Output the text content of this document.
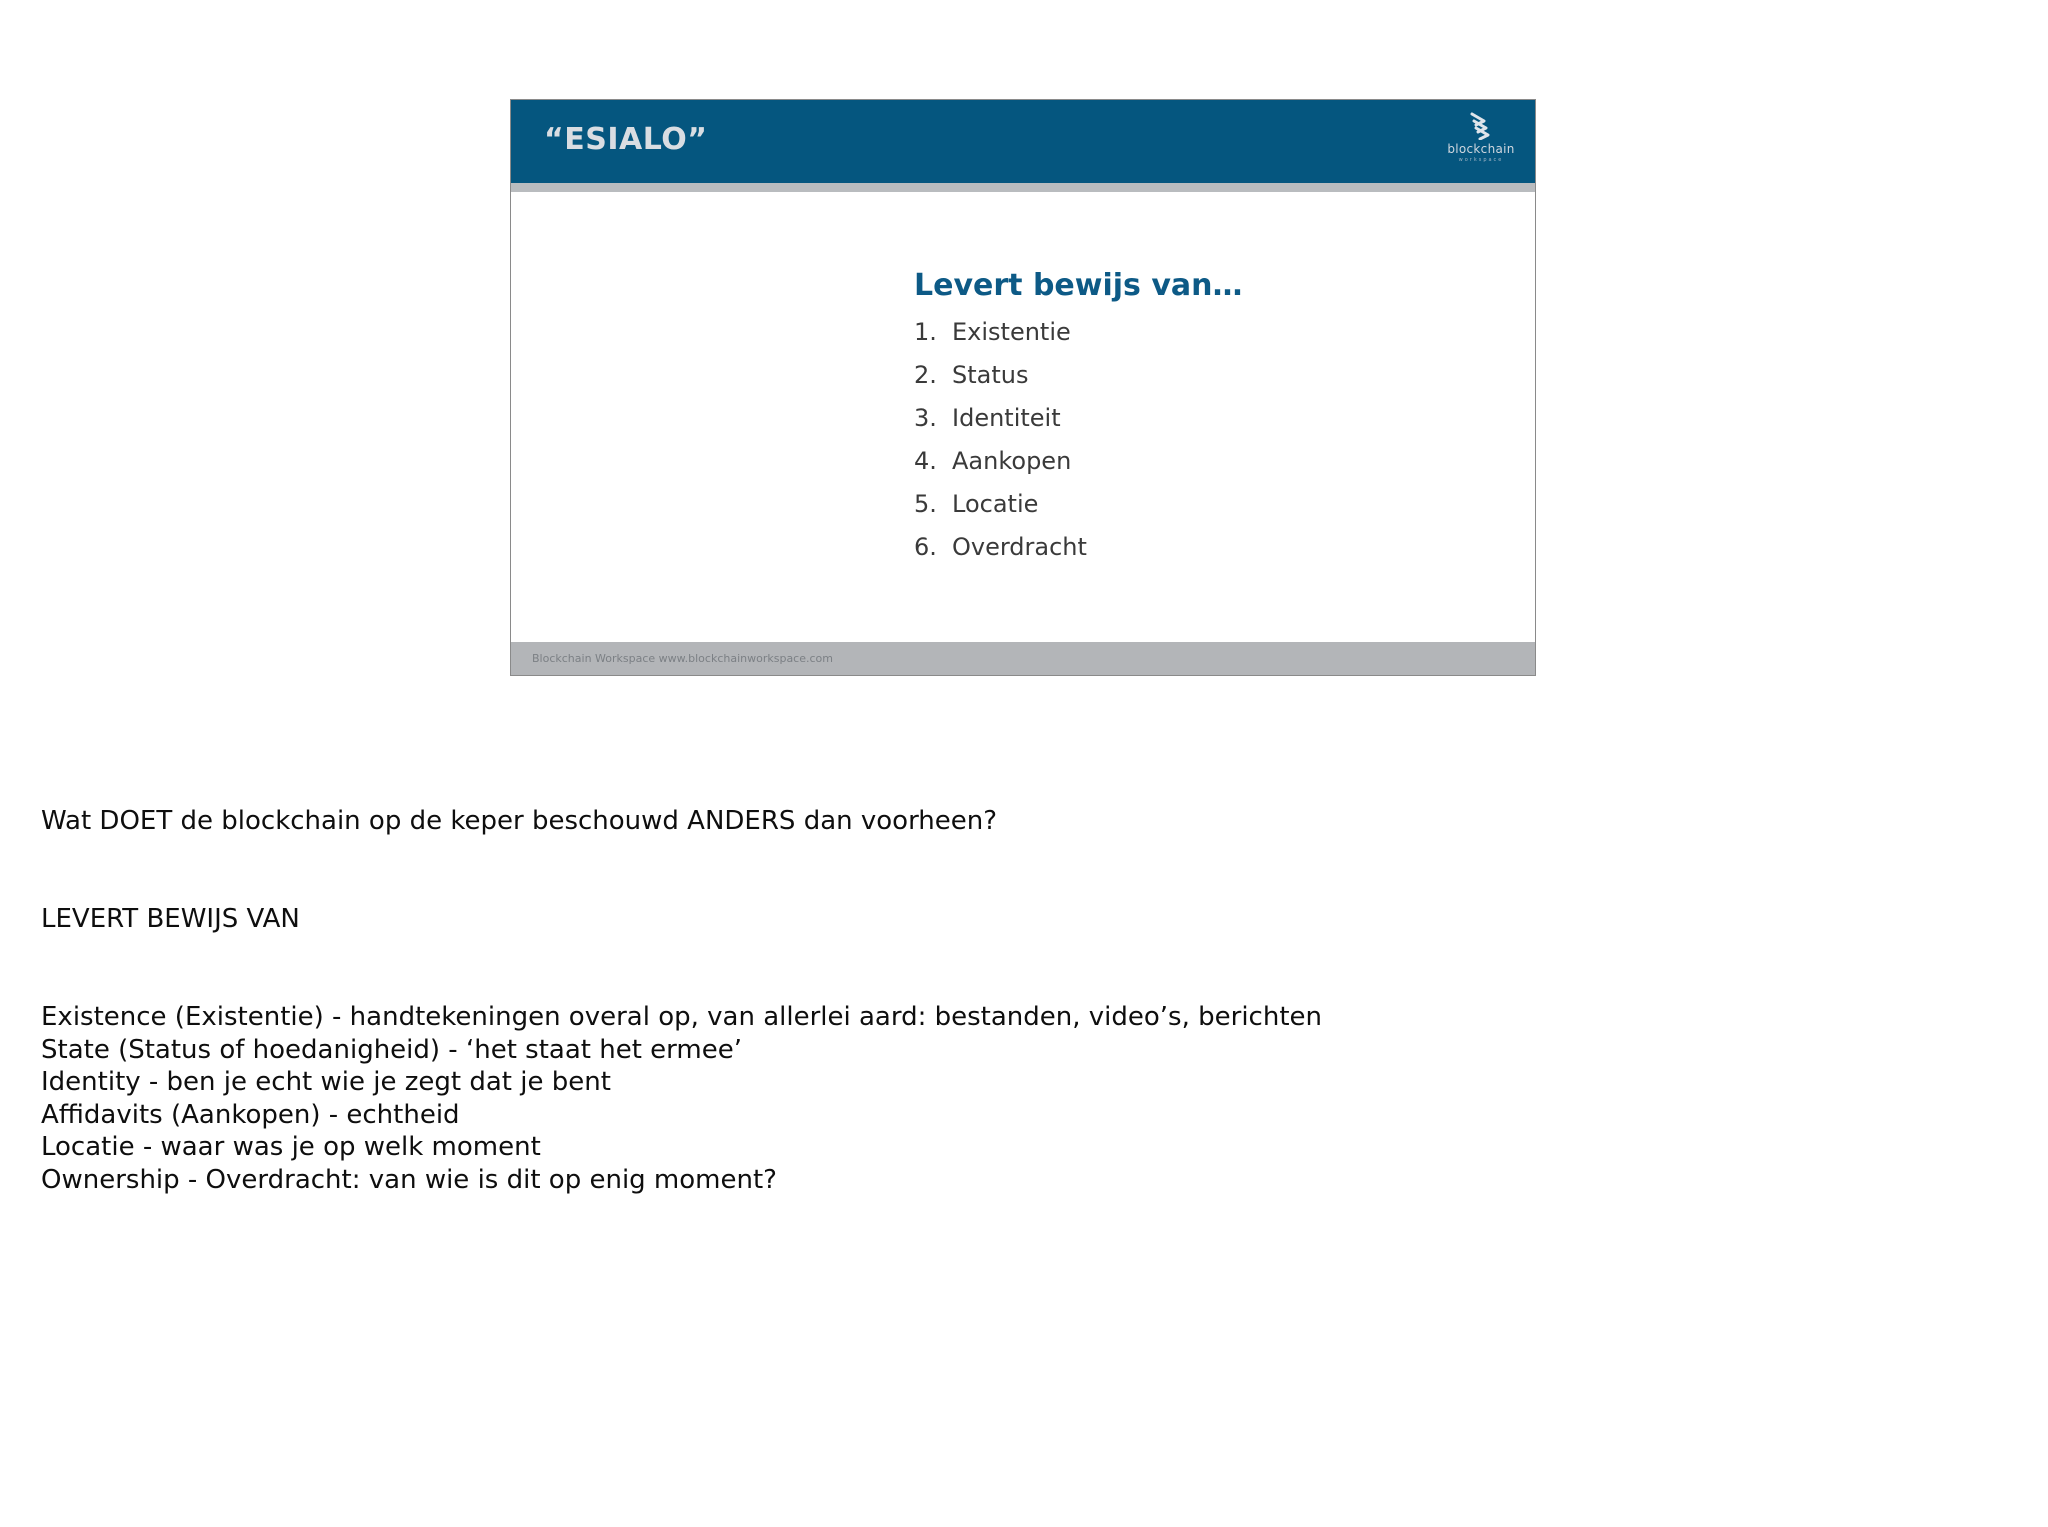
“ESIALO”	blockchain
workspace
Levert bewijs van…
1. Existentie
2. Status
3. Identiteit
4. Aankopen
5. Locatie
6. Overdracht
Blockchain Workspace www.blockchainworkspace.com
Wat DOET de blockchain op de keper beschouwd ANDERS dan voorheen?
LEVERT BEWIJS VAN
Existence (Existentie) - handtekeningen overal op, van allerlei aard: bestanden, video’s, berichten
State (Status of hoedanigheid) - ‘het staat het ermee’
Identity - ben je echt wie je zegt dat je bent
Affidavits (Aankopen) - echtheid
Locatie - waar was je op welk moment
Ownership - Overdracht: van wie is dit op enig moment?
